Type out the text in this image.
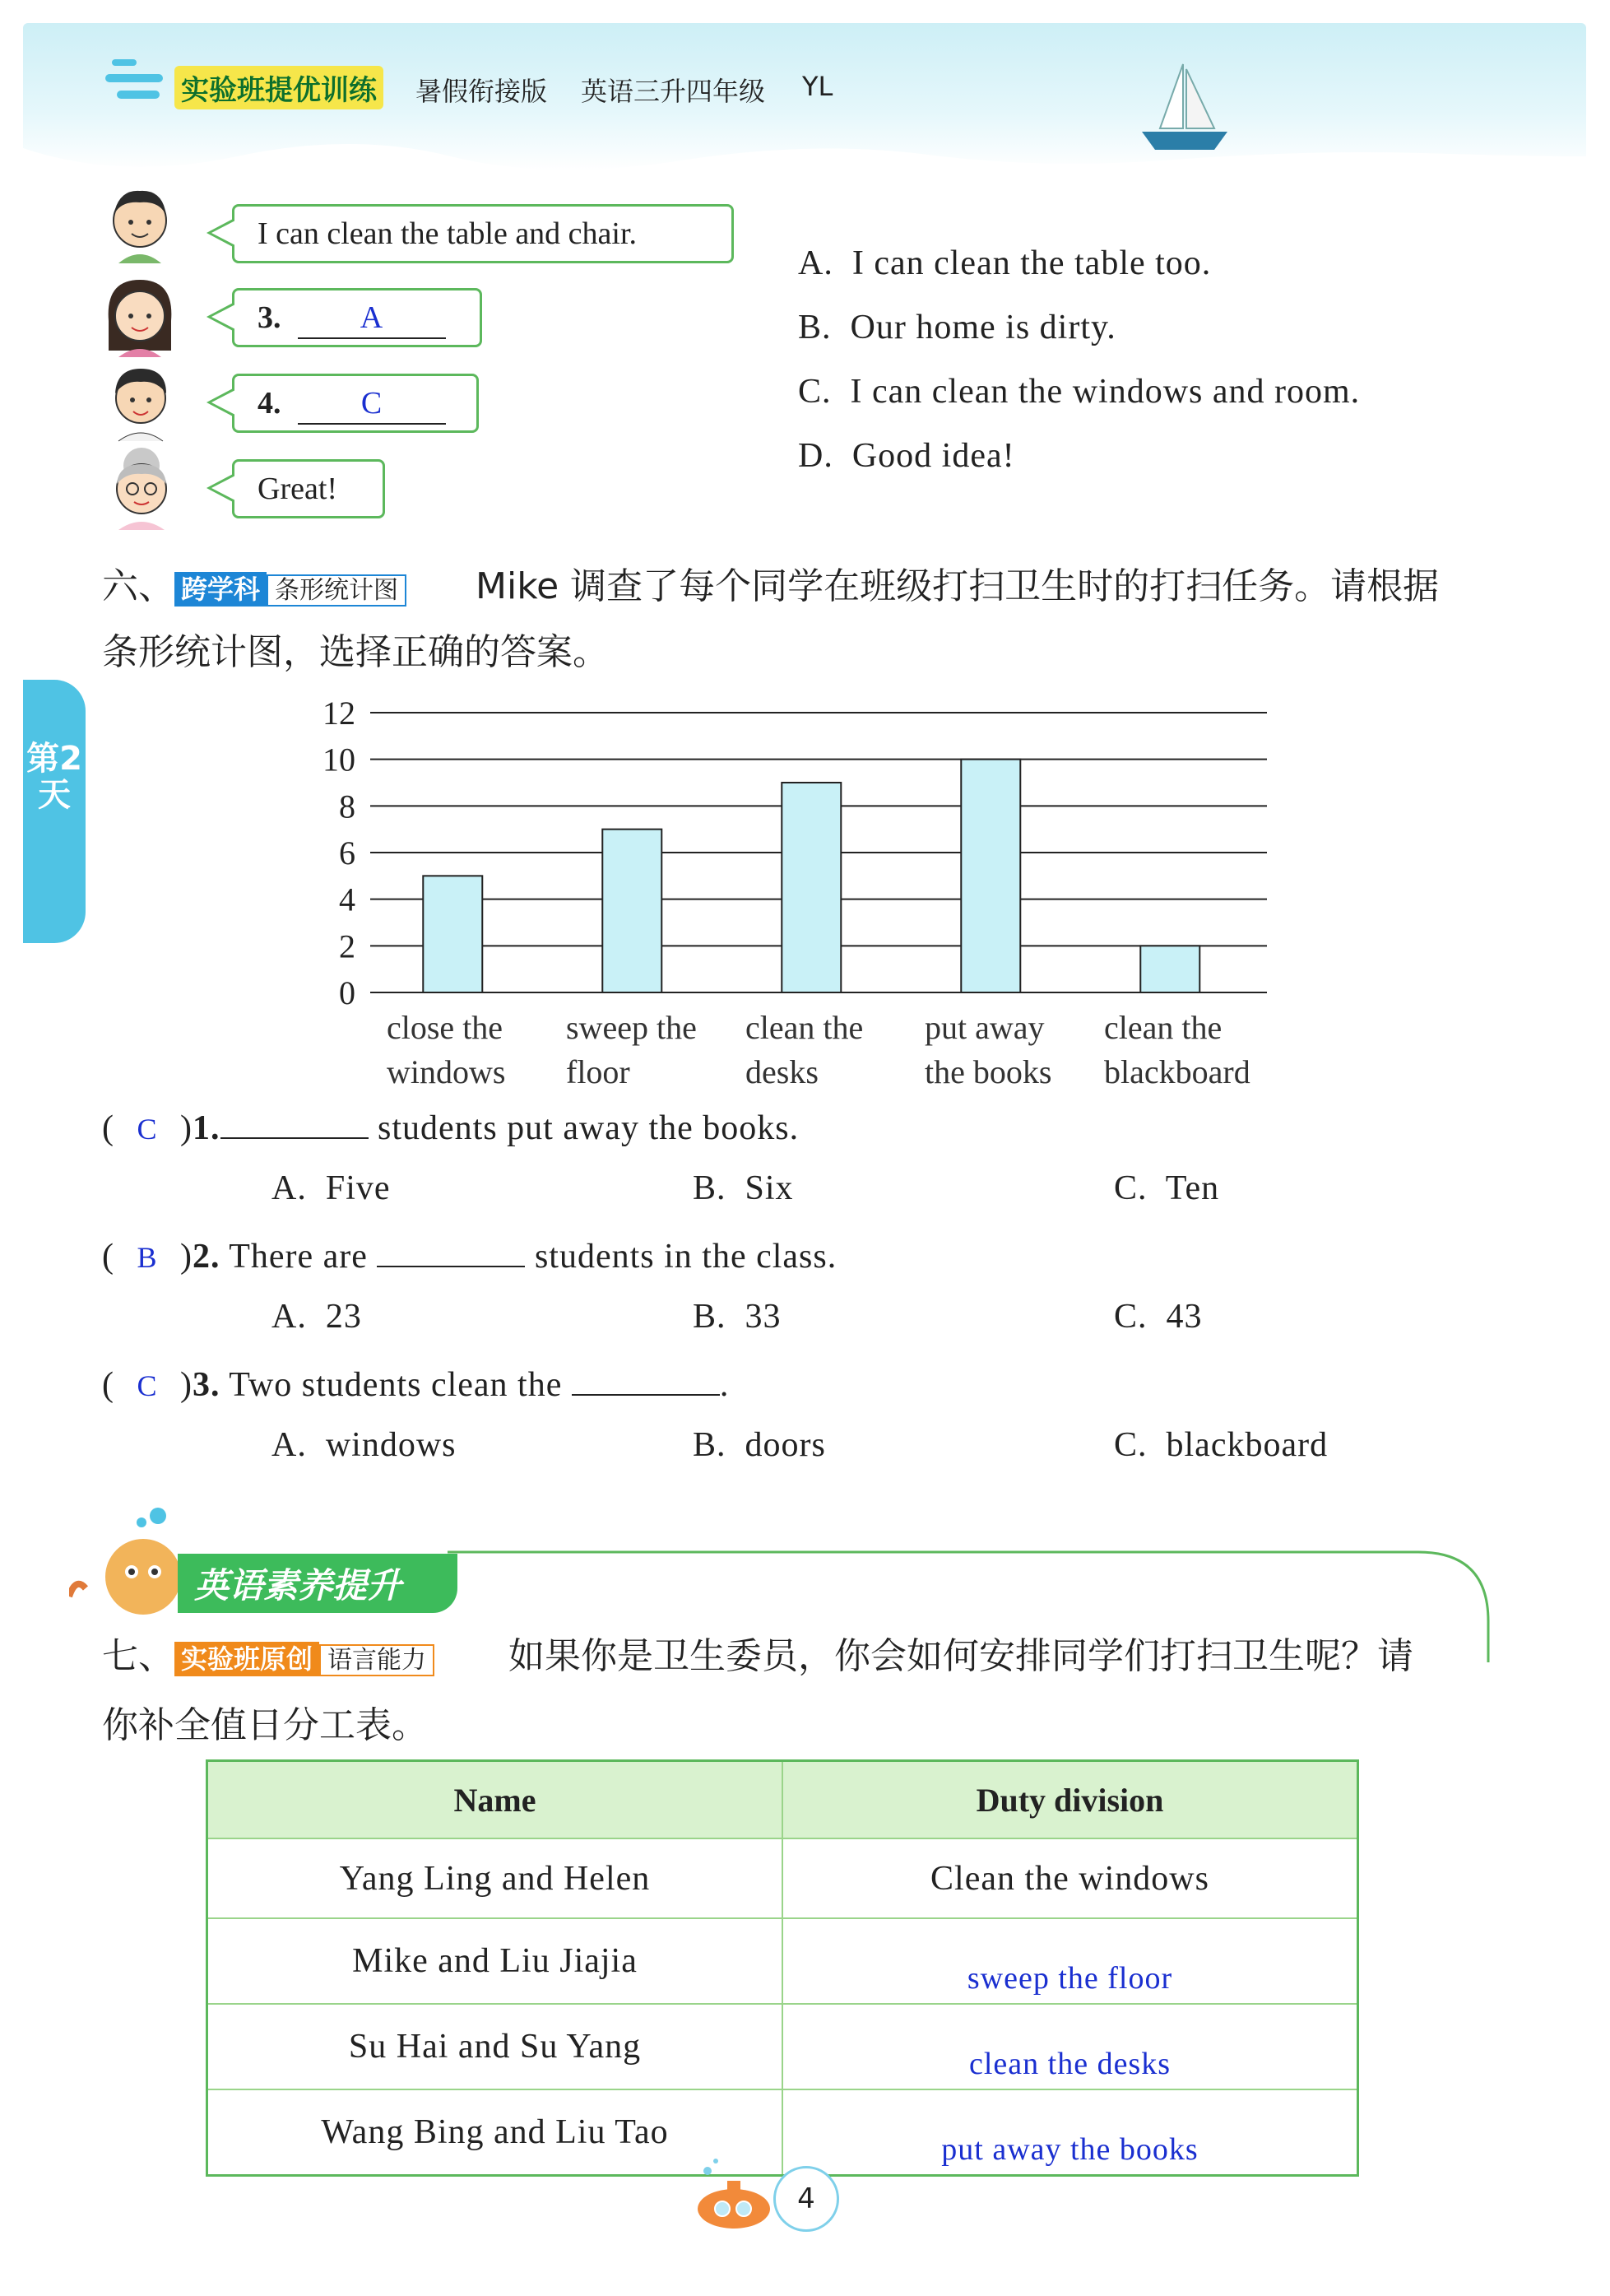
实验班提优训练 暑假衔接版 英语三升四年级 YL
第2天
I can clean the table and chair.
3.	A
4.	C
Great!
A. I can clean the table too.
B. Our home is dirty.
C. I can clean the windows and room.
D. Good idea!
六、 跨学科 条形统计图 Mike 调查了每个同学在班级打扫卫生时的打扫任务。请根据
条形统计图，选择正确的答案。
12
10
8
6
4
2
0
close the
windows
sweep the
floor
clean the
desks
put away
the books
clean the
blackboard
( C )1.	students put away the books.
A.  Five	B.  Six	C.  Ten
( B )2. There are	students in the class.
A.  23	B.  33	C.  43
( C )3. Two students clean the	.
A.  windows	B.  doors	C.  blackboard
英语素养提升
七、 实验班原创 语言能力 如果你是卫生委员，你会如何安排同学们打扫卫生呢？请
你补全值日分工表。
Name	Duty division
Yang Ling and Helen	Clean the windows
Mike and Liu Jiajia	sweep the floor
Su Hai and Su Yang	clean the desks
Wang Bing and Liu Tao	put away the books
4
